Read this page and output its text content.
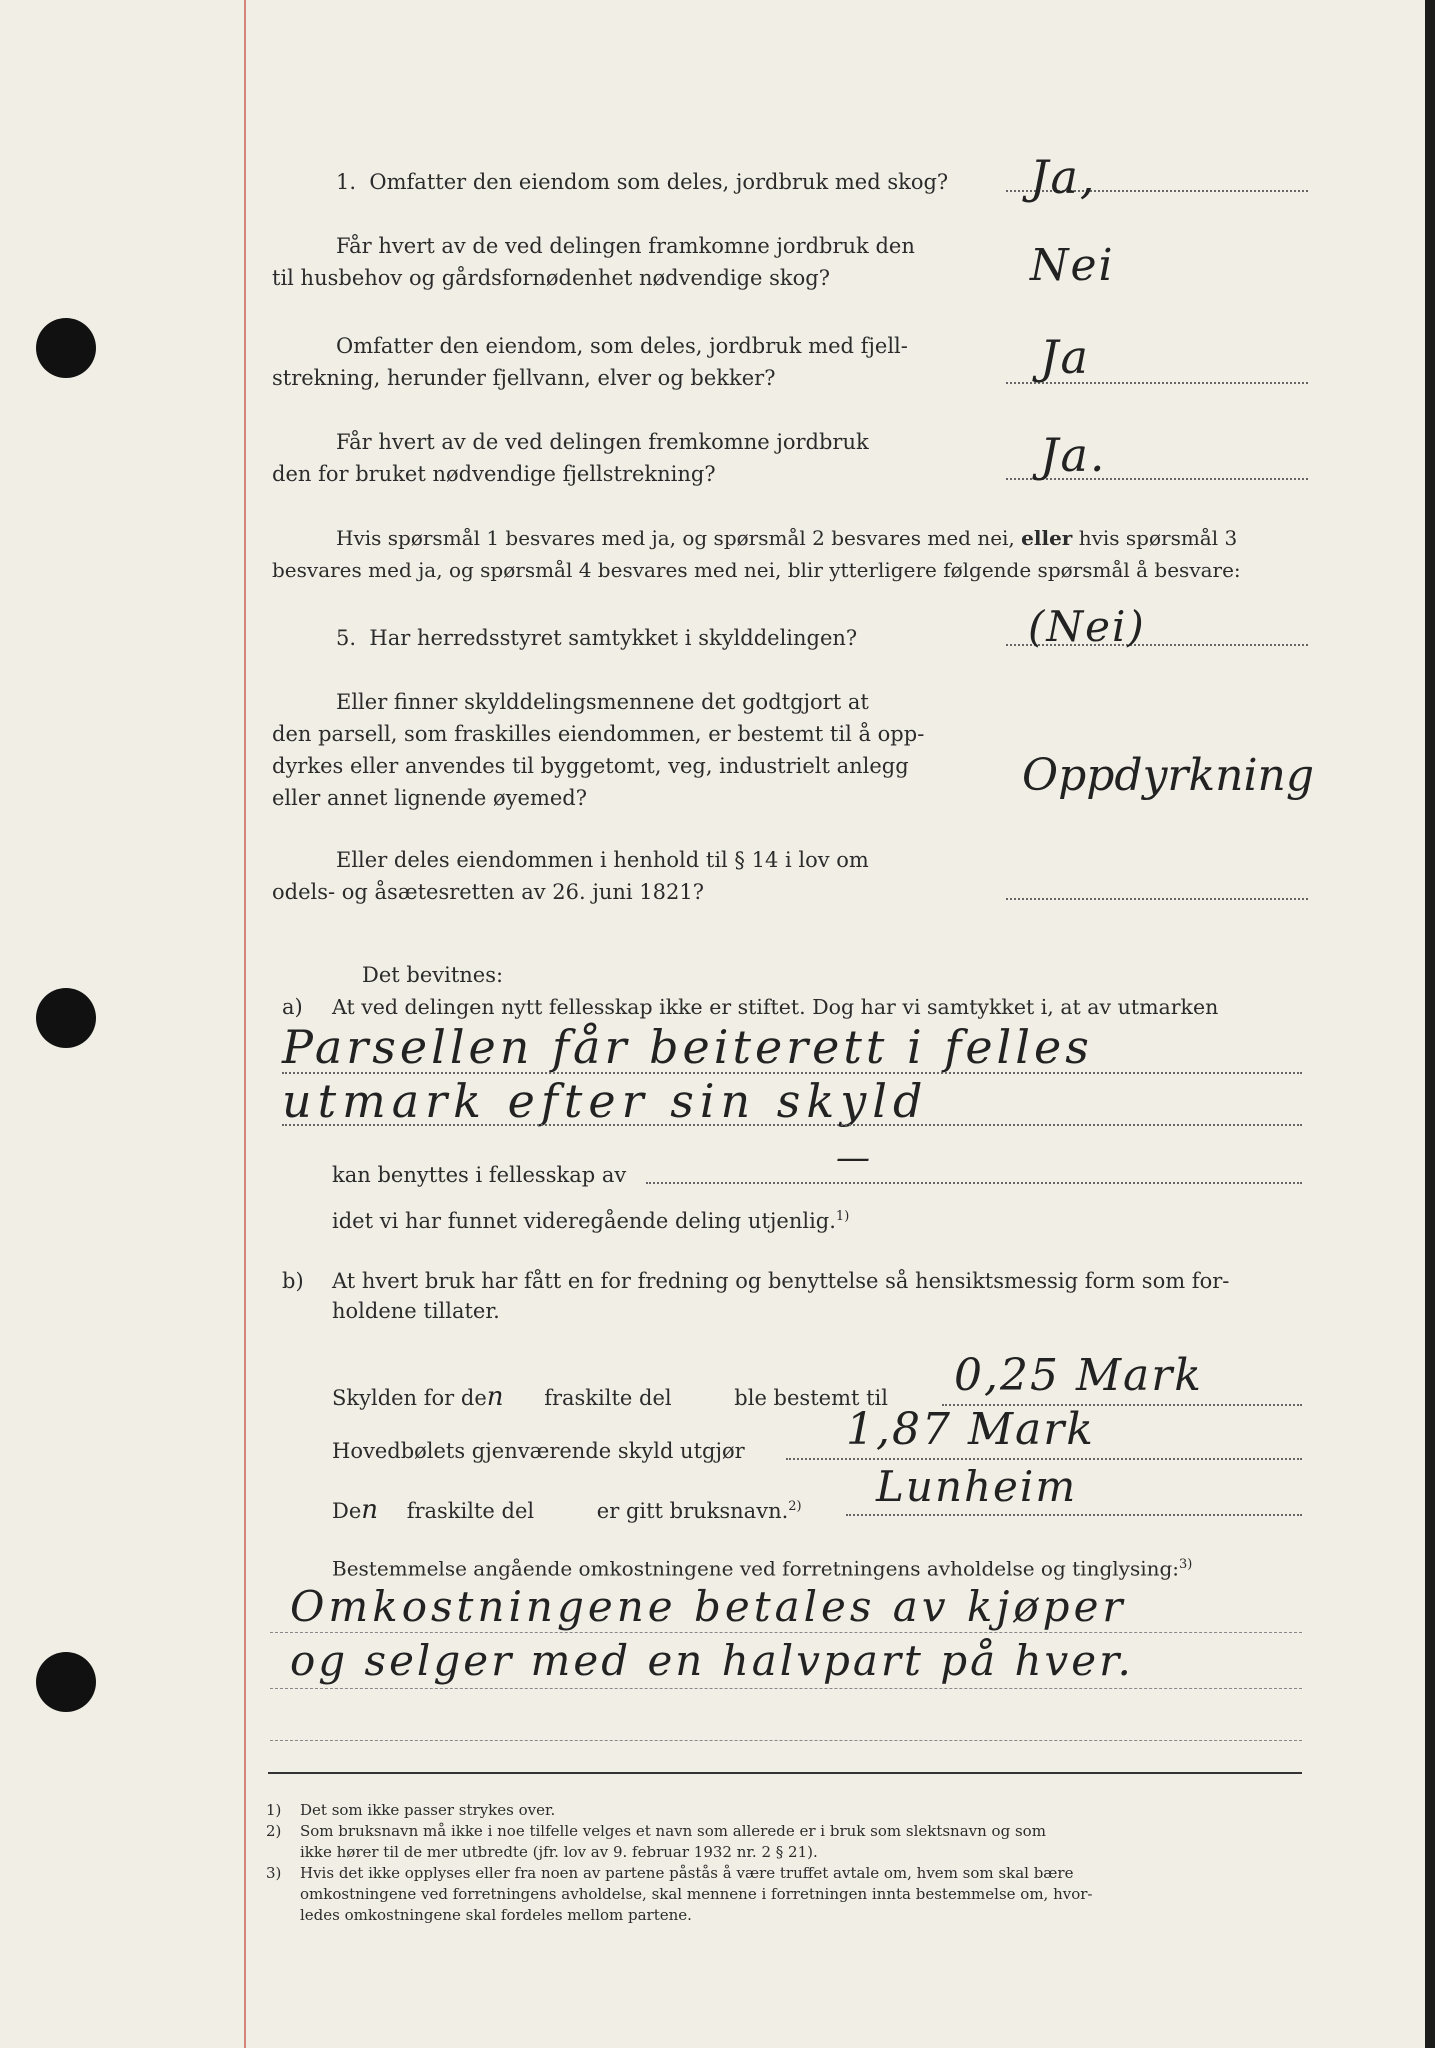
1. Omfatter den eiendom som deles, jordbruk med skog?	Ja,
Får hvert av de ved delingen framkomne jordbruk den
til husbehov og gårdsfornødenhet nødvendige skog?	Nei
Omfatter den eiendom, som deles, jordbruk med fjell-
strekning, herunder fjellvann, elver og bekker?	Ja
Får hvert av de ved delingen fremkomne jordbruk
den for bruket nødvendige fjellstrekning?	Ja.
Hvis spørsmål 1 besvares med ja, og spørsmål 2 besvares med nei, eller hvis spørsmål 3
besvares med ja, og spørsmål 4 besvares med nei, blir ytterligere følgende spørsmål å besvare:
5. Har herredsstyret samtykket i skylddelingen?	(Nei)
Eller finner skylddelingsmennene det godtgjort at
den parsell, som fraskilles eiendommen, er bestemt til å opp-
dyrkes eller anvendes til byggetomt, veg, industrielt anlegg
eller annet lignende øyemed?	Oppdyrkning
Eller deles eiendommen i henhold til § 14 i lov om
odels- og åsætesretten av 26. juni 1821?
Det bevitnes:
a) At ved delingen nytt fellesskap ikke er stiftet. Dog har vi samtykket i, at av utmarken
Parsellen får beiterett i felles
utmark efter sin skyld
kan benyttes i fellesskap av	—
idet vi har funnet videregående deling utjenlig.$^{1)}$
b) At hvert bruk har fått en for fredning og benyttelse så hensiktsmessig form som for-
holdene tillater.
Skylden for den fraskilte del	ble bestemt til 0,25 Mark
Hovedbølets gjenværende skyld utgjør 1,87 Mark
Den fraskilte del	er gitt bruksnavn.$^{2)}$ Lunheim
Bestemmelse angående omkostningene ved forretningens avholdelse og tinglysing:$^{3)}$
Omkostningene betales av kjøper
og selger med en halvpart på hver.
1) Det som ikke passer strykes over.
2) Som bruksnavn må ikke i noe tilfelle velges et navn som allerede er i bruk som slektsnavn og som
ikke hører til de mer utbredte (jfr. lov av 9. februar 1932 nr. 2 § 21).
3) Hvis det ikke opplyses eller fra noen av partene påstås å være truffet avtale om, hvem som skal bære
omkostningene ved forretningens avholdelse, skal mennene i forretningen innta bestemmelse om, hvor-
ledes omkostningene skal fordeles mellom partene.
